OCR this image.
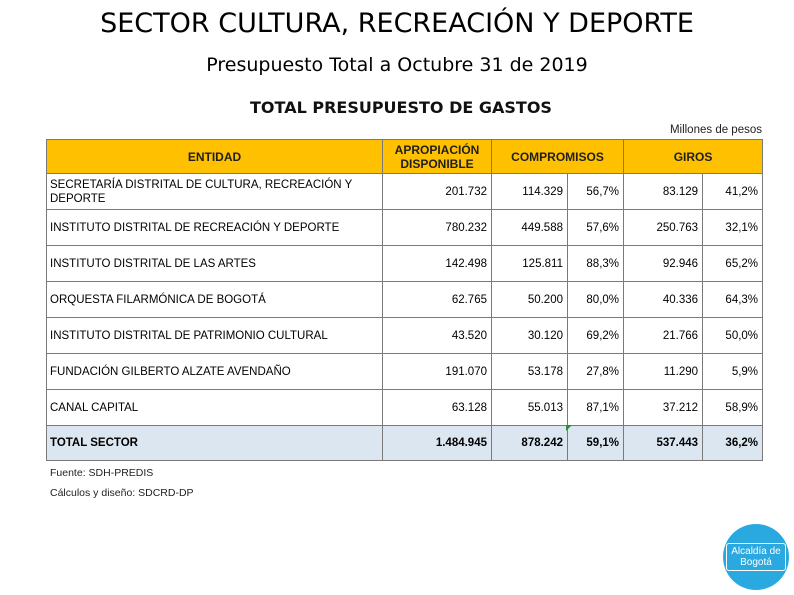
SECTOR CULTURA, RECREACIÓN Y DEPORTE
Presupuesto Total a Octubre 31 de 2019
TOTAL PRESUPUESTO DE GASTOS
Millones de pesos
ENTIDAD	APROPIACIÓN DISPONIBLE	COMPROMISOS		GIROS	
SECRETARÍA DISTRITAL DE CULTURA, RECREACIÓN Y DEPORTE	201.732	114.329	56,7%	83.129	41,2%
INSTITUTO DISTRITAL DE RECREACIÓN Y DEPORTE	780.232	449.588	57,6%	250.763	32,1%
INSTITUTO DISTRITAL DE LAS ARTES	142.498	125.811	88,3%	92.946	65,2%
ORQUESTA FILARMÓNICA DE BOGOTÁ	62.765	50.200	80,0%	40.336	64,3%
INSTITUTO DISTRITAL DE PATRIMONIO CULTURAL	43.520	30.120	69,2%	21.766	50,0%
FUNDACIÓN GILBERTO ALZATE AVENDAÑO	191.070	53.178	27,8%	11.290	5,9%
CANAL CAPITAL	63.128	55.013	87,1%	37.212	58,9%
TOTAL SECTOR	1.484.945	878.242	59,1%	537.443	36,2%
Fuente: SDH-PREDIS
Cálculos y diseño: SDCRD-DP
Alcaldía de
Bogotá
